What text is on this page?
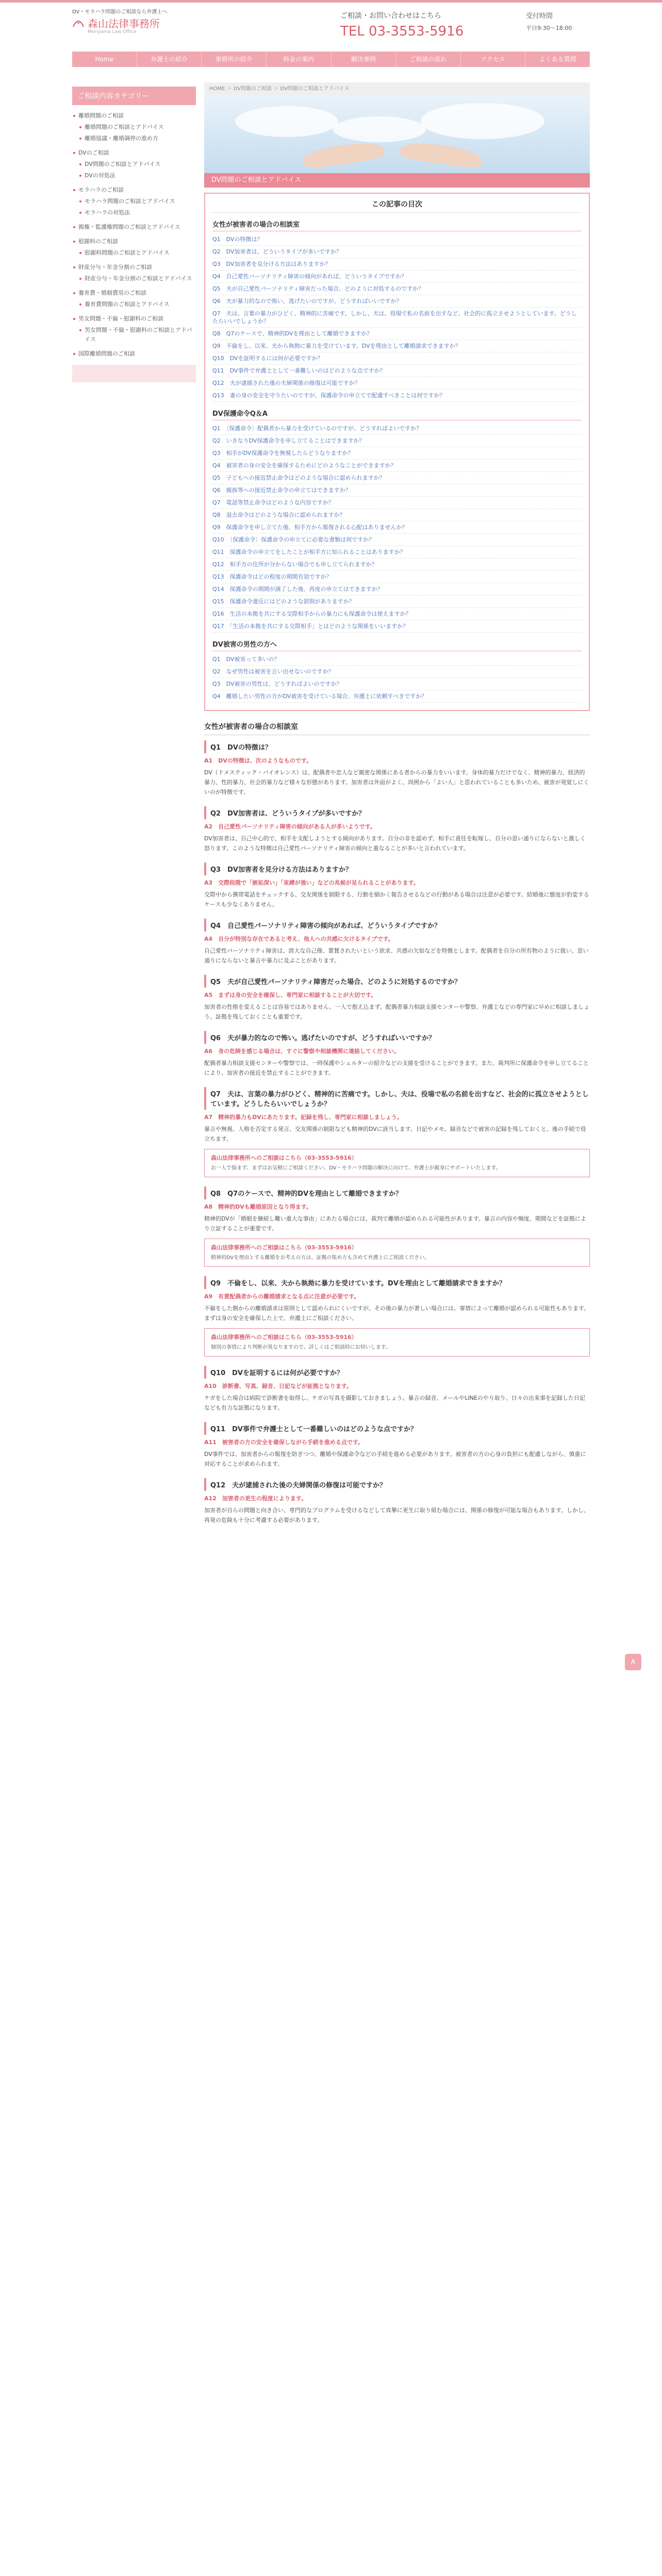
DV・モラハラ問題のご相談なら弁護士へ
森山法律事務所
Moriyama Law Office
ご相談・お問い合わせはこちら
TEL 03-3553-5916
受付時間
平日9:30〜18:00
Home	弁護士の紹介	事務所の紹介	料金の案内	解決事例	ご相談の流れ	アクセス	よくある質問
ご相談内容カテゴリー
離婚問題のご相談
離婚問題のご相談とアドバイス
離婚協議・離婚調停の進め方
DVのご相談
DV問題のご相談とアドバイス
DVの対処法
モラハラのご相談
モラハラ問題のご相談とアドバイス
モラハラの対処法
親権・監護権問題のご相談とアドバイス
慰謝料のご相談
慰謝料問題のご相談とアドバイス
財産分与・年金分割のご相談
財産分与・年金分割のご相談とアドバイス
養育費・婚姻費用のご相談
養育費問題のご相談とアドバイス
男女問題・不倫・慰謝料のご相談
男女問題・不倫・慰謝料のご相談とアドバイス
国際離婚問題のご相談
HOME ＞ DV問題のご相談 ＞ DV問題のご相談とアドバイス
DV問題のご相談とアドバイス
この記事の目次
女性が被害者の場合の相談室
Q1　DVの特徴は？
Q2　DV加害者は、どういうタイプが多いですか？
Q3　DV加害者を見分ける方法はありますか？
Q4　自己愛性パーソナリティ障害の傾向があれば、どういうタイプですか？
Q5　夫が自己愛性パーソナリティ障害だった場合、どのように対処するのですか？
Q6　夫が暴力的なので怖い。逃げたいのですが、どうすればいいですか？
Q7　夫は、言葉の暴力がひどく、精神的に苦痛です。しかし、夫は、役場で私の名前を出すなど、社会的に孤立させようとしています。どうしたらいいでしょうか？
Q8　Q7のケースで、精神的DVを理由として離婚できますか？
Q9　不倫をし、以来、夫から執拗に暴力を受けています。DVを理由として離婚請求できますか？
Q10　DVを証明するには何が必要ですか？
Q11　DV事件で弁護士として一番難しいのはどのような点ですか？
Q12　夫が逮捕された後の夫婦関係の修復は可能ですか？
Q13　妻の身の安全を守りたいのですが、保護命令の申立てで配慮すべきことは何ですか？
DV保護命令Q＆A
Q1　〔保護命令〕配偶者から暴力を受けているのですが、どうすればよいですか？
Q2　いきなりDV保護命令を申し立てることはできますか？
Q3　相手がDV保護命令を無視したらどうなりますか？
Q4　被害者の身の安全を確保するためにどのようなことができますか？
Q5　子どもへの接近禁止命令はどのような場合に認められますか？
Q6　親族等への接近禁止命令の申立てはできますか？
Q7　電話等禁止命令はどのような内容ですか？
Q8　退去命令はどのような場合に認められますか？
Q9　保護命令を申し立てた後、相手方から報復される心配はありませんか？
Q10　〔保護命令〕保護命令の申立てに必要な書類は何ですか？
Q11　保護命令の申立てをしたことが相手方に知られることはありますか？
Q12　相手方の住所が分からない場合でも申し立てられますか？
Q13　保護命令はどの程度の期間有効ですか？
Q14　保護命令の期間が満了した後、再度の申立てはできますか？
Q15　保護命令違反にはどのような罰則がありますか？
Q16　生活の本拠を共にする交際相手からの暴力にも保護命令は使えますか？
Q17　「生活の本拠を共にする交際相手」とはどのような関係をいいますか？
DV被害の男性の方へ
Q1　DV被害って多いの？
Q2　なぜ男性は被害を言い出せないのですか？
Q3　DV被害の男性は、どうすればよいのですか？
Q4　離婚したい男性の方がDV被害を受けている場合、弁護士に依頼すべきですか？
女性が被害者の場合の相談室
Q1　DVの特徴は？
A1　DVの特徴は、次のようなものです。
DV（ドメスティック・バイオレンス）は、配偶者や恋人など親密な関係にある者からの暴力をいいます。身体的暴力だけでなく、精神的暴力、経済的暴力、性的暴力、社会的暴力など様々な形態があります。加害者は外面がよく、周囲から「よい人」と思われていることも多いため、被害が発覚しにくいのが特徴です。
Q2　DV加害者は、どういうタイプが多いですか？
A2　自己愛性パーソナリティ障害の傾向がある人が多いようです。
DV加害者は、自己中心的で、相手を支配しようとする傾向があります。自分の非を認めず、相手に責任を転嫁し、自分の思い通りにならないと激しく怒ります。このような特徴は自己愛性パーソナリティ障害の傾向と重なることが多いと言われています。
Q3　DV加害者を見分ける方法はありますか？
A3　交際段階で「嫉妬深い」「束縛が強い」などの兆候が見られることがあります。
交際中から携帯電話をチェックする、交友関係を制限する、行動を細かく報告させるなどの行動がある場合は注意が必要です。結婚後に態度が豹変するケースも少なくありません。
Q4　自己愛性パーソナリティ障害の傾向があれば、どういうタイプですか？
A4　自分が特別な存在であると考え、他人への共感に欠けるタイプです。
自己愛性パーソナリティ障害は、誇大な自己像、賞賛されたいという欲求、共感の欠如などを特徴とします。配偶者を自分の所有物のように扱い、思い通りにならないと暴言や暴力に及ぶことがあります。
Q5　夫が自己愛性パーソナリティ障害だった場合、どのように対処するのですか？
A5　まずは身の安全を確保し、専門家に相談することが大切です。
加害者の性格を変えることは容易ではありません。一人で抱え込まず、配偶者暴力相談支援センターや警察、弁護士などの専門家に早めに相談しましょう。証拠を残しておくことも重要です。
Q6　夫が暴力的なので怖い。逃げたいのですが、どうすればいいですか？
A6　身の危険を感じる場合は、すぐに警察や相談機関に連絡してください。
配偶者暴力相談支援センターや警察では、一時保護やシェルターの紹介などの支援を受けることができます。また、裁判所に保護命令を申し立てることにより、加害者の接近を禁止することができます。
Q7　夫は、言葉の暴力がひどく、精神的に苦痛です。しかし、夫は、役場で私の名前を出すなど、社会的に孤立させようとしています。どうしたらいいでしょうか？
A7　精神的暴力もDVにあたります。記録を残し、専門家に相談しましょう。
暴言や無視、人格を否定する発言、交友関係の制限なども精神的DVに該当します。日記やメモ、録音などで被害の記録を残しておくと、後の手続で役立ちます。
森山法律事務所へのご相談はこちら（03-3553-5916）
お一人で悩まず、まずはお気軽にご相談ください。DV・モラハラ問題の解決に向けて、弁護士が親身にサポートいたします。
Q8　Q7のケースで、精神的DVを理由として離婚できますか？
A8　精神的DVも離婚原因となり得ます。
精神的DVが「婚姻を継続し難い重大な事由」にあたる場合には、裁判で離婚が認められる可能性があります。暴言の内容や頻度、期間などを証拠により立証することが重要です。
森山法律事務所へのご相談はこちら（03-3553-5916）
精神的DVを理由とする離婚をお考えの方は、証拠の集め方も含めて弁護士にご相談ください。
Q9　不倫をし、以来、夫から執拗に暴力を受けています。DVを理由として離婚請求できますか？
A9　有責配偶者からの離婚請求となる点に注意が必要です。
不倫をした側からの離婚請求は原則として認められにくいですが、その後の暴力が著しい場合には、事情によって離婚が認められる可能性もあります。まずは身の安全を確保した上で、弁護士にご相談ください。
森山法律事務所へのご相談はこちら（03-3553-5916）
個別の事情により判断が異なりますので、詳しくはご相談時にお伺いします。
Q10　DVを証明するには何が必要ですか？
A10　診断書、写真、録音、日記などが証拠となります。
ケガをした場合は病院で診断書を取得し、ケガの写真を撮影しておきましょう。暴言の録音、メールやLINEのやり取り、日々の出来事を記録した日記なども有力な証拠になります。
Q11　DV事件で弁護士として一番難しいのはどのような点ですか？
A11　被害者の方の安全を確保しながら手続を進める点です。
DV事件では、加害者からの報復を防ぎつつ、離婚や保護命令などの手続を進める必要があります。被害者の方の心身の負担にも配慮しながら、慎重に対応することが求められます。
Q12　夫が逮捕された後の夫婦関係の修復は可能ですか？
A12　加害者の更生の程度によります。
加害者が自らの問題と向き合い、専門的なプログラムを受けるなどして真摯に更生に取り組む場合には、関係の修復が可能な場合もあります。しかし、再発の危険も十分に考慮する必要があります。
∧
